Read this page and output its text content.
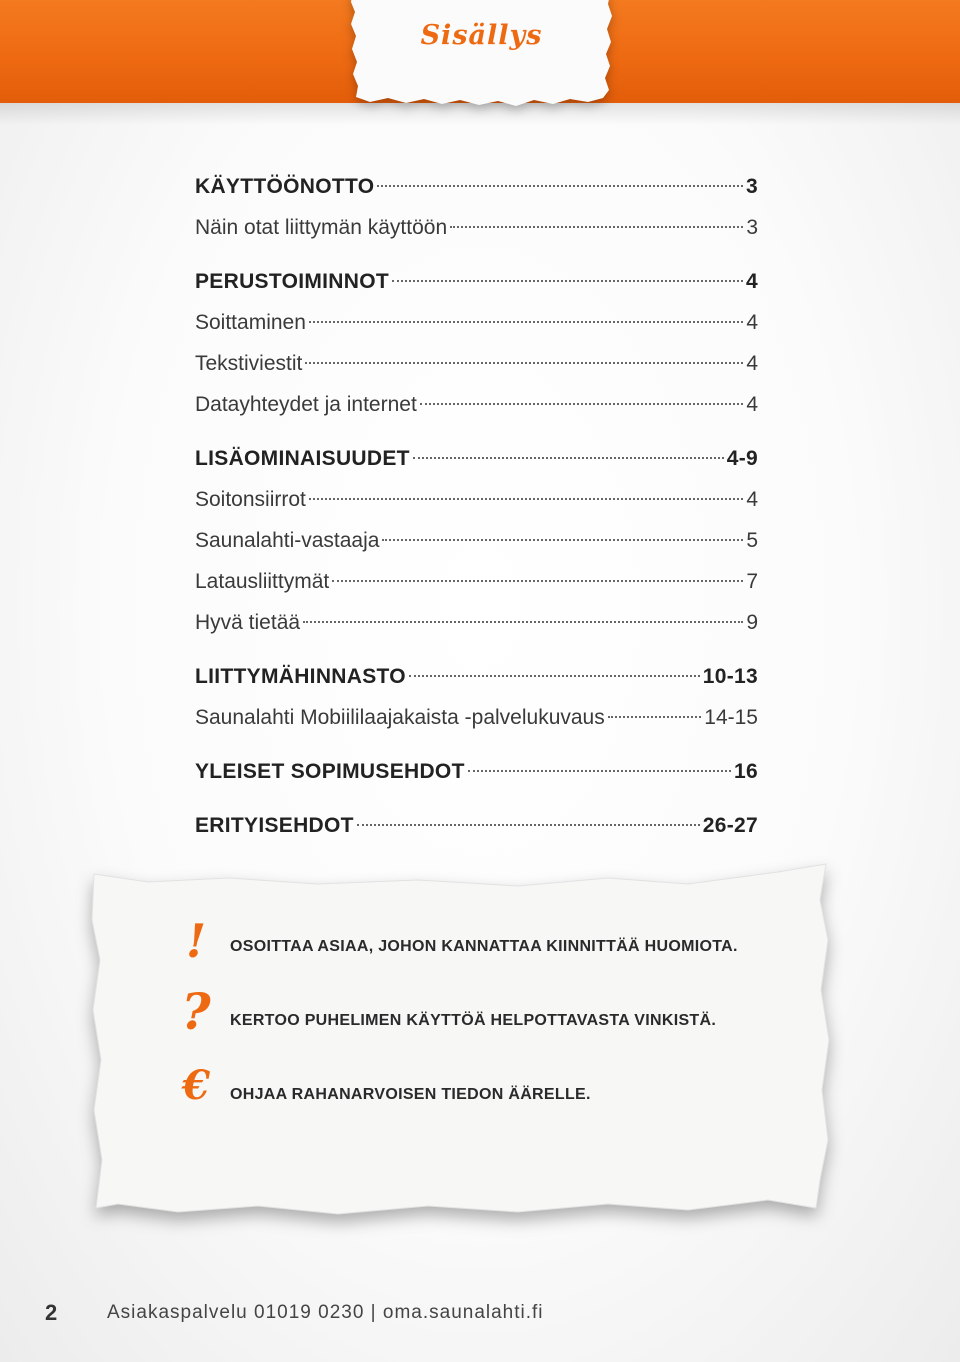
Sisällys
KÄYTTÖÖNOTTO	3
Näin otat liittymän käyttöön	3
PERUSTOIMINNOT	4
Soittaminen	4
Tekstiviestit	4
Datayhteydet ja internet	4
LISÄOMINAISUUDET	4-9
Soitonsiirrot	4
Saunalahti-vastaaja	5
Latausliittymät	7
Hyvä tietää	9
LIITTYMÄHINNASTO	10-13
Saunalahti Mobiililaajakaista -palvelukuvaus	14-15
YLEISET SOPIMUSEHDOT	16
ERITYISEHDOT	26-27
!	OSOITTAA ASIAA, JOHON KANNATTAA KIINNITTÄÄ HUOMIOTA.
?	KERTOO PUHELIMEN KÄYTTÖÄ HELPOTTAVASTA VINKISTÄ.
€	OHJAA RAHANARVOISEN TIEDON ÄÄRELLE.
2	Asiakaspalvelu 01019 0230 | oma.saunalahti.fi
